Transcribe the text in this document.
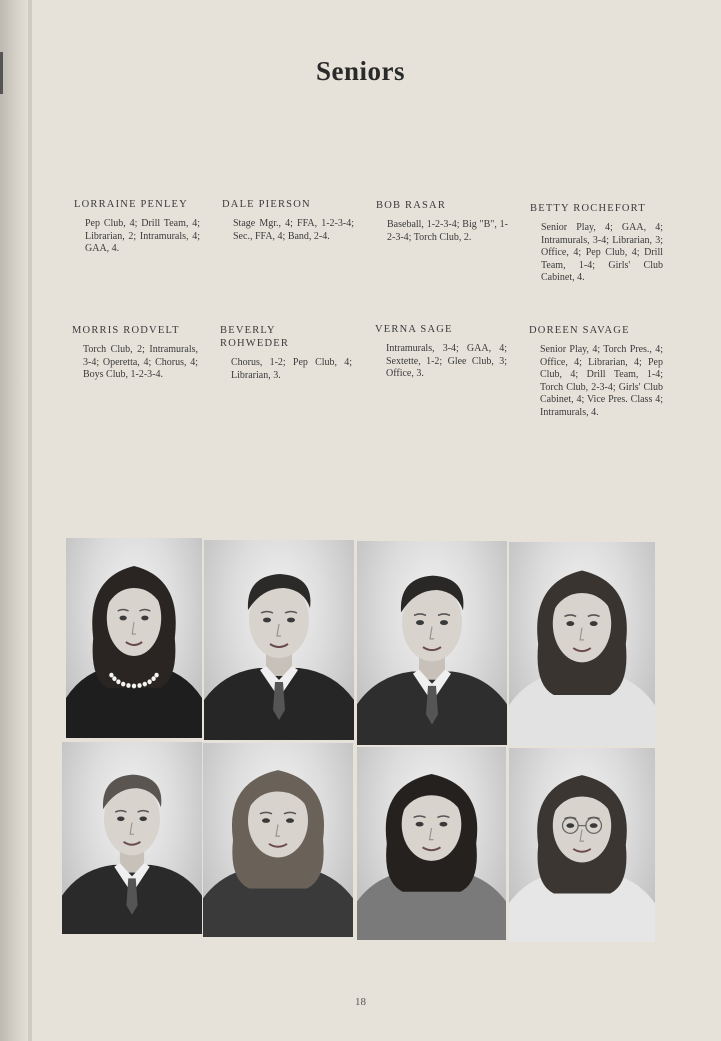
Seniors
LORRAINE PENLEY
Pep Club, 4; Drill Team, 4; Librarian, 2; Intramurals, 4; GAA, 4.
DALE PIERSON
Stage Mgr., 4; FFA, 1-2-3-4; Sec., FFA, 4; Band, 2-4.
BOB RASAR
Baseball, 1-2-3-4; Big "B", 1-2-3-4; Torch Club, 2.
BETTY ROCHEFORT
Senior Play, 4; GAA, 4; Intramurals, 3-4; Librarian, 3; Office, 4; Pep Club, 4; Drill Team, 1-4; Girls' Club Cabinet, 4.
MORRIS RODVELT
Torch Club, 2; Intramurals, 3-4; Operetta, 4; Chorus, 4; Boys Club, 1-2-3-4.
BEVERLY
ROHWEDER
Chorus, 1-2; Pep Club, 4; Librarian, 3.
VERNA SAGE
Intramurals, 3-4; GAA, 4; Sextette, 1-2; Glee Club, 3; Office, 3.
DOREEN SAVAGE
Senior Play, 4; Torch Pres., 4; Office, 4; Librarian, 4; Pep Club, 4; Drill Team, 1-4; Torch Club, 2-3-4; Girls' Club Cabinet, 4; Vice Pres. Class 4; Intramurals, 4.
18
